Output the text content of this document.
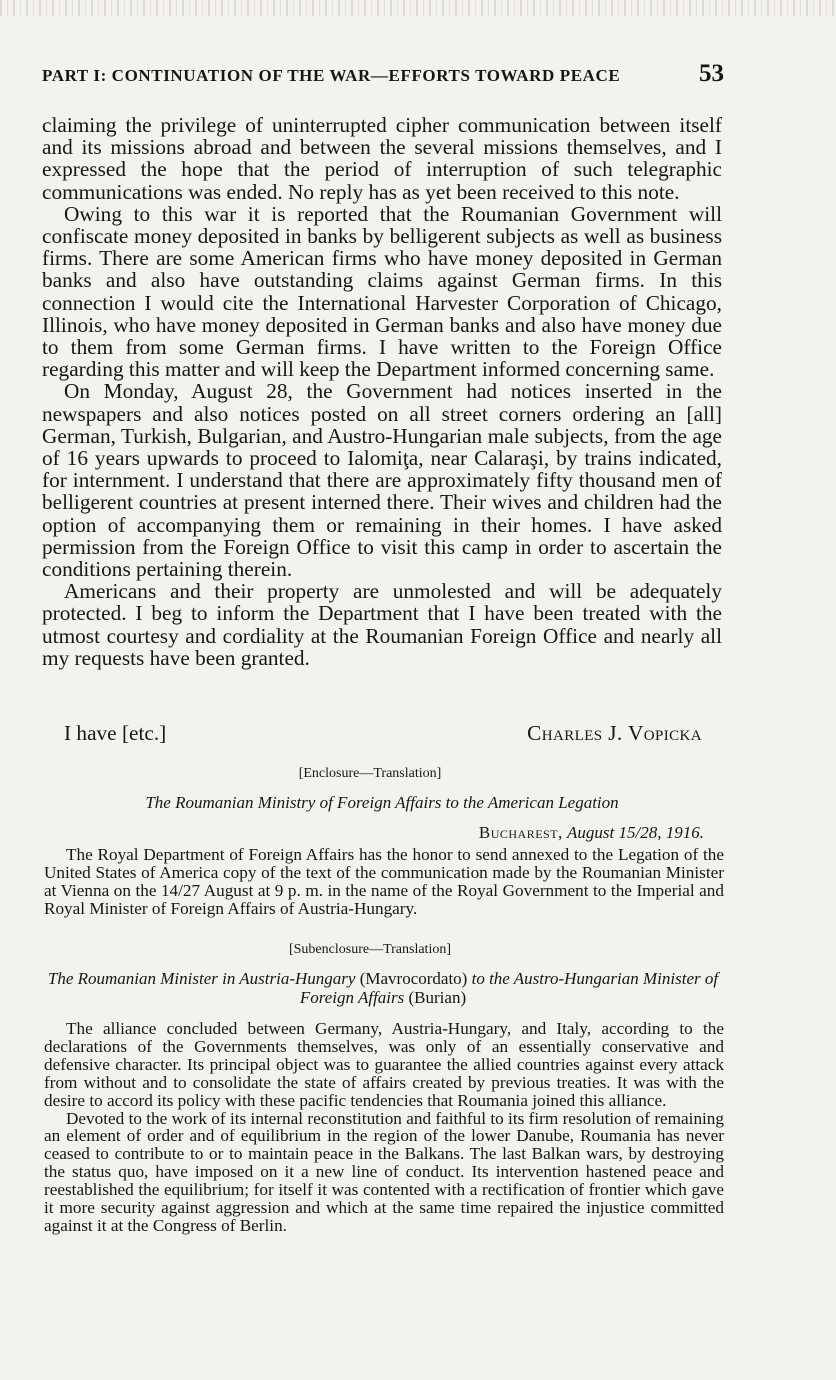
PART I: CONTINUATION OF THE WAR—EFFORTS TOWARD PEACE	53

claiming the privilege of uninterrupted cipher communication between itself and its missions abroad and between the several missions themselves, and I expressed the hope that the period of interruption of such telegraphic communications was ended. No reply has as yet been received to this note.

Owing to this war it is reported that the Roumanian Government will confiscate money deposited in banks by belligerent subjects as well as business firms. There are some American firms who have money deposited in German banks and also have outstanding claims against German firms. In this connection I would cite the International Harvester Corporation of Chicago, Illinois, who have money deposited in German banks and also have money due to them from some German firms. I have written to the Foreign Office regarding this matter and will keep the Department informed concerning same.

On Monday, August 28, the Government had notices inserted in the newspapers and also notices posted on all street corners ordering an [all] German, Turkish, Bulgarian, and Austro-Hungarian male subjects, from the age of 16 years upwards to proceed to Ialomiţa, near Calaraşi, by trains indicated, for internment. I understand that there are approximately fifty thousand men of belligerent countries at present interned there. Their wives and children had the option of accompanying them or remaining in their homes. I have asked permission from the Foreign Office to visit this camp in order to ascertain the conditions pertaining therein.

Americans and their property are unmolested and will be adequately protected. I beg to inform the Department that I have been treated with the utmost courtesy and cordiality at the Roumanian Foreign Office and nearly all my requests have been granted.

I have [etc.]	Charles J. Vopicka
[Enclosure—Translation]
The Roumanian Ministry of Foreign Affairs to the American Legation
Bucharest, August 15/28, 1916.

The Royal Department of Foreign Affairs has the honor to send annexed to the Legation of the United States of America copy of the text of the communication made by the Roumanian Minister at Vienna on the 14/27 August at 9 p. m. in the name of the Royal Government to the Imperial and Royal Minister of Foreign Affairs of Austria-Hungary.

[Subenclosure—Translation]
The Roumanian Minister in Austria-Hungary (Mavrocordato) to the Austro-Hungarian Minister of Foreign Affairs (Burian)

The alliance concluded between Germany, Austria-Hungary, and Italy, according to the declarations of the Governments themselves, was only of an essentially conservative and defensive character. Its principal object was to guarantee the allied countries against every attack from without and to consolidate the state of affairs created by previous treaties. It was with the desire to accord its policy with these pacific tendencies that Roumania joined this alliance.

Devoted to the work of its internal reconstitution and faithful to its firm resolution of remaining an element of order and of equilibrium in the region of the lower Danube, Roumania has never ceased to contribute to or to maintain peace in the Balkans. The last Balkan wars, by destroying the status quo, have imposed on it a new line of conduct. Its intervention hastened peace and reestablished the equilibrium; for itself it was contented with a rectification of frontier which gave it more security against aggression and which at the same time repaired the injustice committed against it at the Congress of Berlin.
